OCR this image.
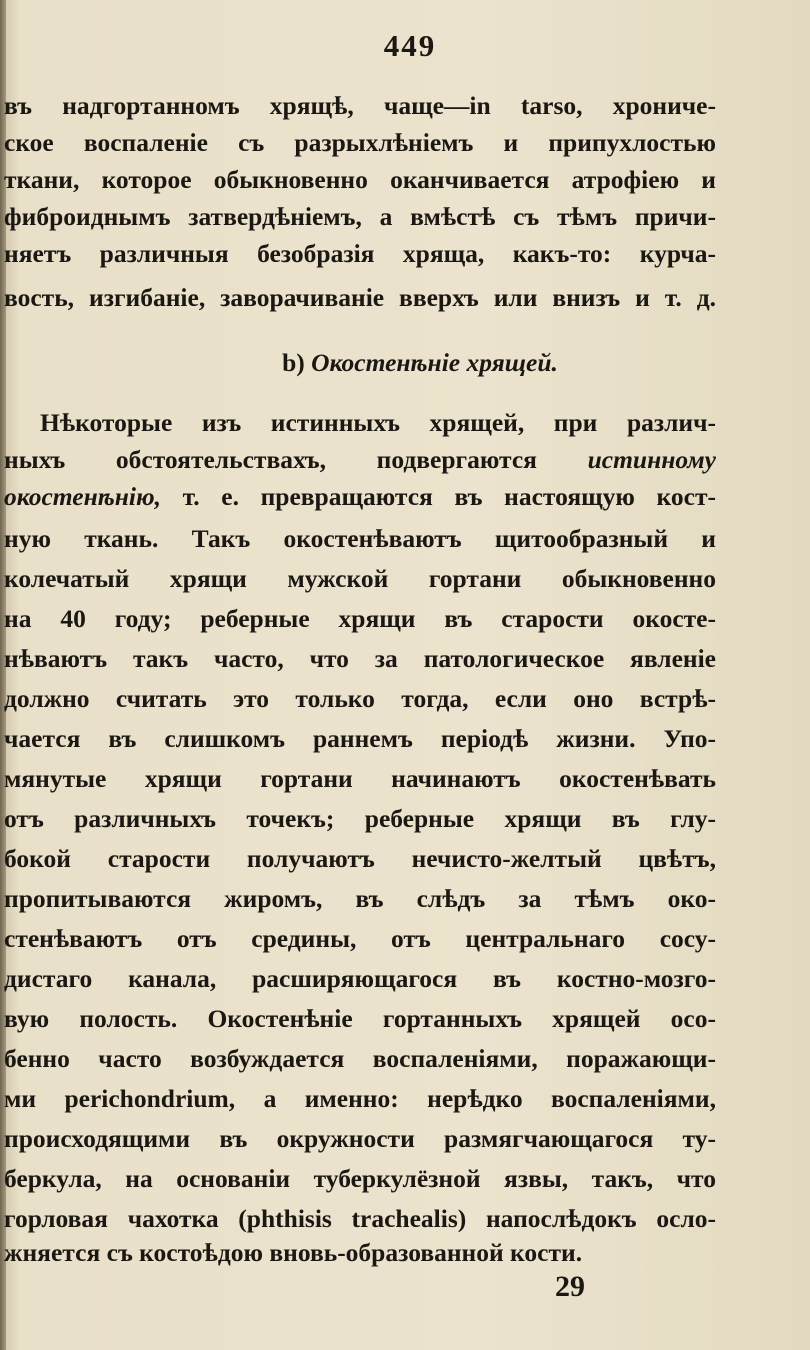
449
въ надгортанномъ хрящѣ, чаще—in tarso, хрониче-
ское воспаленіе съ разрыхлѣніемъ и припухлостью
ткани, которое обыкновенно оканчивается атрофіею и
фиброиднымъ затвердѣніемъ, а вмѣстѣ съ тѣмъ причи-
няетъ различныя безобразія хряща, какъ-то: курча-
вость, изгибаніе, заворачиваніе вверхъ или внизъ и т. д.
b) Окостенѣніе хрящей.
Нѣкоторые изъ истинныхъ хрящей, при различ-
ныхъ обстоятельствахъ, подвергаются истинному
окостенѣнію, т. е. превращаются въ настоящую кост-
ную ткань. Такъ окостенѣваютъ щитообразный и
колечатый хрящи мужской гортани обыкновенно
на 40 году; реберные хрящи въ старости окосте-
нѣваютъ такъ часто, что за патологическое явленіе
должно считать это только тогда, если оно встрѣ-
чается въ слишкомъ раннемъ періодѣ жизни. Упо-
мянутые хрящи гортани начинаютъ окостенѣвать
отъ различныхъ точекъ; реберные хрящи въ глу-
бокой старости получаютъ нечисто-желтый цвѣтъ,
пропитываются жиромъ, въ слѣдъ за тѣмъ око-
стенѣваютъ отъ средины, отъ центральнаго сосу-
дистаго канала, расширяющагося въ костно-мозго-
вую полость. Окостенѣніе гортанныхъ хрящей осо-
бенно часто возбуждается воспаленіями, поражающи-
ми perichondrium, а именно: нерѣдко воспаленіями,
происходящими въ окружности размягчающагося ту-
беркула, на основаніи туберкулёзной язвы, такъ, что
горловая чахотка (phthisis trachealis) напослѣдокъ осло-
жняется съ костоѣдою вновь-образованной кости.
29
